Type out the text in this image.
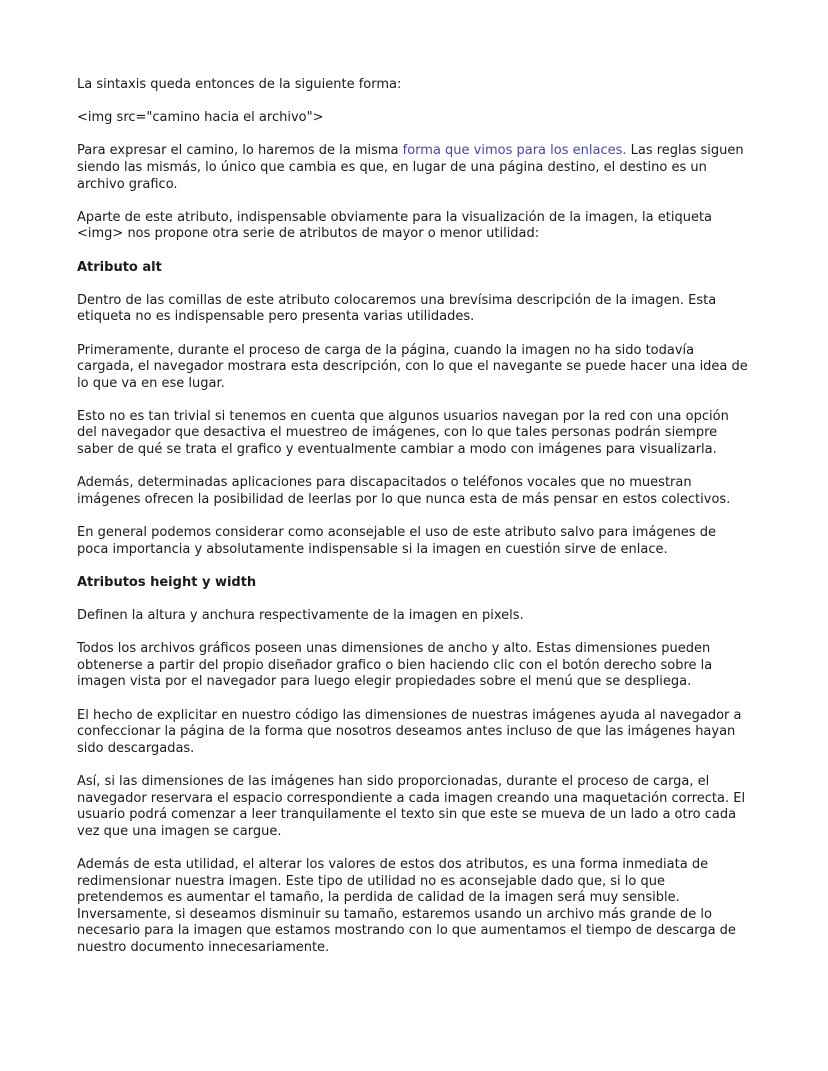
La sintaxis queda entonces de la siguiente forma:

<img src="camino hacia el archivo">

Para expresar el camino, lo haremos de la misma forma que vimos para los enlaces. Las reglas siguen siendo las mismás, lo único que cambia es que, en lugar de una página destino, el destino es un archivo grafico.

Aparte de este atributo, indispensable obviamente para la visualización de la imagen, la etiqueta <img> nos propone otra serie de atributos de mayor o menor utilidad:

Atributo alt

Dentro de las comillas de este atributo colocaremos una brevísima descripción de la imagen. Esta etiqueta no es indispensable pero presenta varias utilidades.

Primeramente, durante el proceso de carga de la página, cuando la imagen no ha sido todavía cargada, el navegador mostrara esta descripción, con lo que el navegante se puede hacer una idea de lo que va en ese lugar.

Esto no es tan trivial si tenemos en cuenta que algunos usuarios navegan por la red con una opción del navegador que desactiva el muestreo de imágenes, con lo que tales personas podrán siempre saber de qué se trata el grafico y eventualmente cambiar a modo con imágenes para visualizarla.

Además, determinadas aplicaciones para discapacitados o teléfonos vocales que no muestran imágenes ofrecen la posibilidad de leerlas por lo que nunca esta de más pensar en estos colectivos.

En general podemos considerar como aconsejable el uso de este atributo salvo para imágenes de poca importancia y absolutamente indispensable si la imagen en cuestión sirve de enlace.

Atributos height y width

Definen la altura y anchura respectivamente de la imagen en pixels.

Todos los archivos gráficos poseen unas dimensiones de ancho y alto. Estas dimensiones pueden obtenerse a partir del propio diseñador grafico o bien haciendo clic con el botón derecho sobre la imagen vista por el navegador para luego elegir propiedades sobre el menú que se despliega.

El hecho de explicitar en nuestro código las dimensiones de nuestras imágenes ayuda al navegador a confeccionar la página de la forma que nosotros deseamos antes incluso de que las imágenes hayan sido descargadas.

Así, si las dimensiones de las imágenes han sido proporcionadas, durante el proceso de carga, el navegador reservara el espacio correspondiente a cada imagen creando una maquetación correcta. El usuario podrá comenzar a leer tranquilamente el texto sin que este se mueva de un lado a otro cada vez que una imagen se cargue.

Además de esta utilidad, el alterar los valores de estos dos atributos, es una forma inmediata de redimensionar nuestra imagen. Este tipo de utilidad no es aconsejable dado que, si lo que pretendemos es aumentar el tamaño, la perdida de calidad de la imagen será muy sensible. Inversamente, si deseamos disminuir su tamaño, estaremos usando un archivo más grande de lo necesario para la imagen que estamos mostrando con lo que aumentamos el tiempo de descarga de nuestro documento innecesariamente.
